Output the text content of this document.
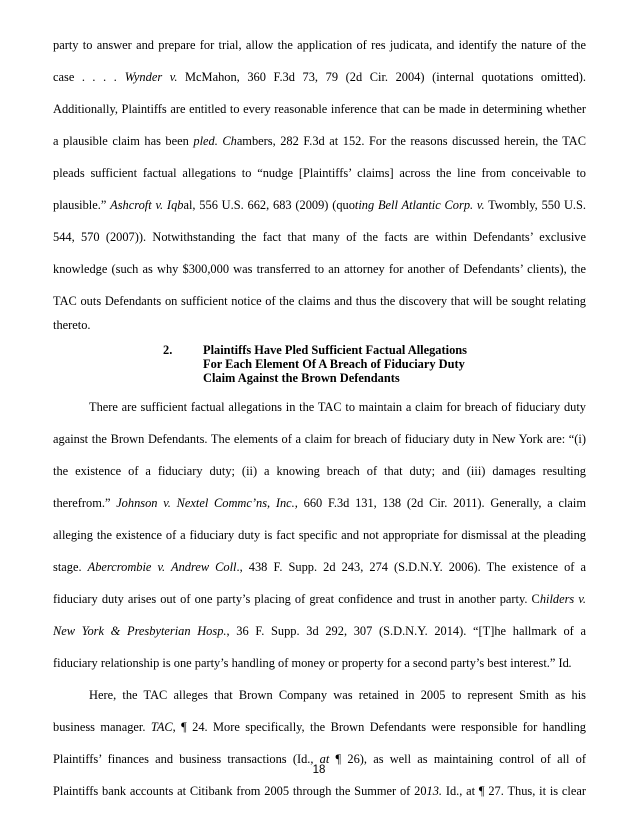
party to answer and prepare for trial, allow the application of res judicata, and identify the nature of the
case . . . . Wynder v. McMahon, 360 F.3d 73, 79 (2d Cir. 2004) (internal quotations omitted).
Additionally, Plaintiffs are entitled to every reasonable inference that can be made in determining whether
a plausible claim has been pled. Chambers, 282 F.3d at 152. For the reasons discussed herein, the TAC
pleads sufficient factual allegations to “nudge [Plaintiffs’ claims] across the line from conceivable to
plausible.” Ashcroft v. Iqbal, 556 U.S. 662, 683 (2009) (quoting Bell Atlantic Corp. v. Twombly, 550 U.S.
544, 570 (2007)). Notwithstanding the fact that many of the facts are within Defendants’ exclusive
knowledge (such as why $300,000 was transferred to an attorney for another of Defendants’ clients), the
TAC outs Defendants on sufficient notice of the claims and thus the discovery that will be sought relating
thereto.
2. Plaintiffs Have Pled Sufficient Factual Allegations
For Each Element Of A Breach of Fiduciary Duty
Claim Against the Brown Defendants
There are sufficient factual allegations in the TAC to maintain a claim for breach of fiduciary duty
against the Brown Defendants. The elements of a claim for breach of fiduciary duty in New York are: “(i)
the existence of a fiduciary duty; (ii) a knowing breach of that duty; and (iii) damages resulting
therefrom.” Johnson v. Nextel Commc’ns, Inc., 660 F.3d 131, 138 (2d Cir. 2011). Generally, a claim
alleging the existence of a fiduciary duty is fact specific and not appropriate for dismissal at the pleading
stage. Abercrombie v. Andrew Coll., 438 F. Supp. 2d 243, 274 (S.D.N.Y. 2006). The existence of a
fiduciary duty arises out of one party’s placing of great confidence and trust in another party. Childers v.
New York & Presbyterian Hosp., 36 F. Supp. 3d 292, 307 (S.D.N.Y. 2014). “[T]he hallmark of a
fiduciary relationship is one party’s handling of money or property for a second party’s best interest.” Id.
Here, the TAC alleges that Brown Company was retained in 2005 to represent Smith as his
business manager. TAC, ¶ 24. More specifically, the Brown Defendants were responsible for handling
Plaintiffs’ finances and business transactions (Id., at ¶ 26), as well as maintaining control of all of
Plaintiffs bank accounts at Citibank from 2005 through the Summer of 2013. Id., at ¶ 27. Thus, it is clear
18
